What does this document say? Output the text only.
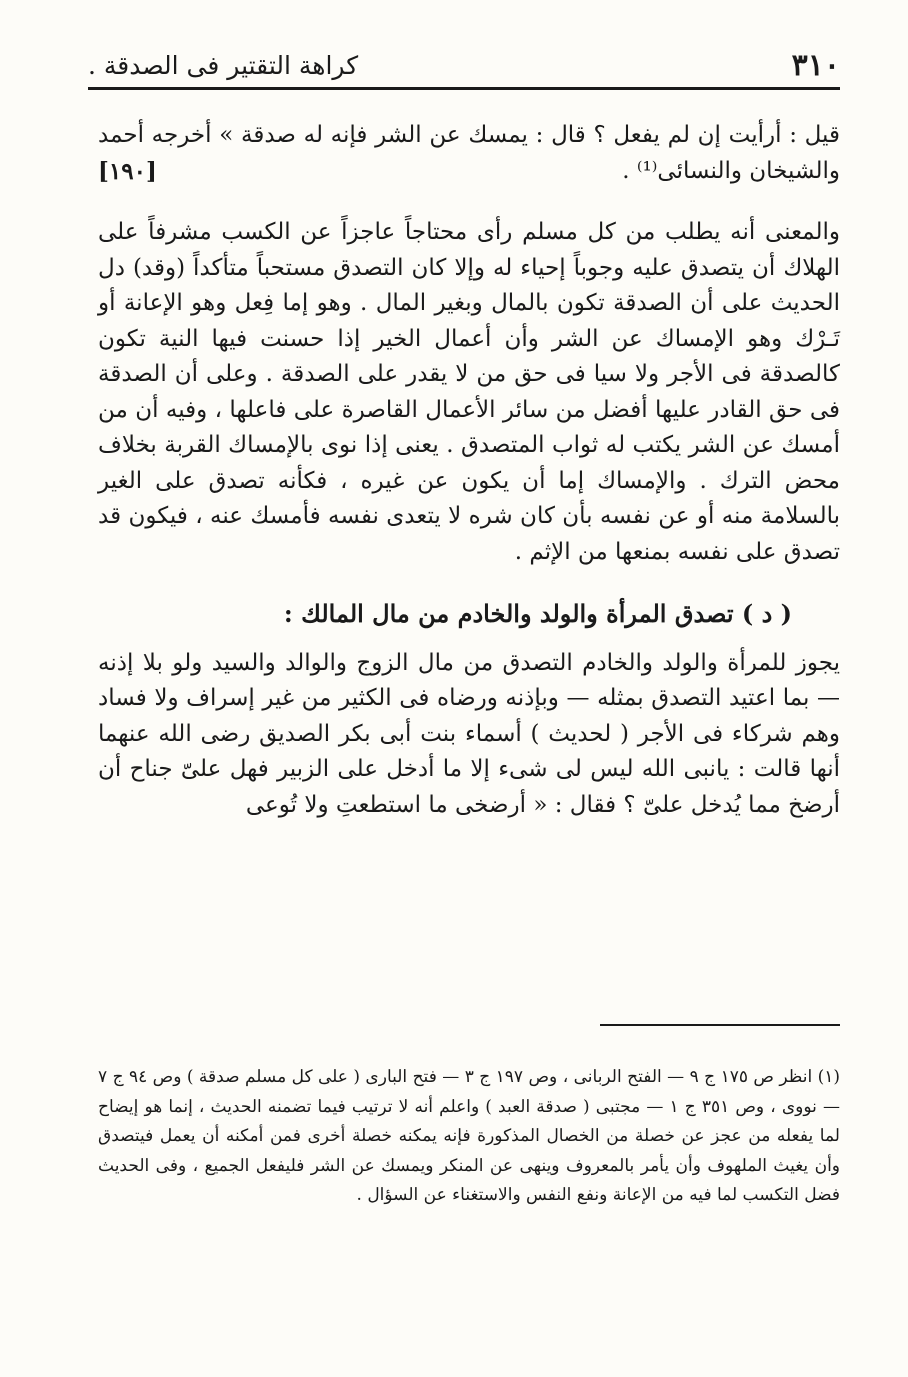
٣١٠
كراهة التقتير فى الصدقة .

قيل : أرأيت إن لم يفعل ؟ قال : يمسك عن الشر فإنه له صدقة » أخرجه أحمد والشيخان والنسائى⁽¹⁾ .
[١٩٠]

والمعنى أنه يطلب من كل مسلم رأى محتاجاً عاجزاً عن الكسب مشرفاً على الهلاك أن يتصدق عليه وجوباً إحياء له وإلا كان التصدق مستحباً متأكداً (وقد) دل الحديث على أن الصدقة تكون بالمال وبغير المال . وهو إما فِعل وهو الإعانة أو تَـرْك وهو الإمساك عن الشر وأن أعمال الخير إذا حسنت فيها النية تكون كالصدقة فى الأجر ولا سيا فى حق من لا يقدر على الصدقة . وعلى أن الصدقة فى حق القادر عليها أفضل من سائر الأعمال القاصرة على فاعلها ، وفيه أن من أمسك عن الشر يكتب له ثواب المتصدق . يعنى إذا نوى بالإمساك القربة بخلاف محض الترك . والإمساك إما أن يكون عن غيره ، فكأنه تصدق على الغير بالسلامة منه أو عن نفسه بأن كان شره لا يتعدى نفسه فأمسك عنه ، فيكون قد تصدق على نفسه بمنعها من الإثم .

( د ) تصدق المرأة والولد والخادم من مال المالك :

يجوز للمرأة والولد والخادم التصدق من مال الزوج والوالد والسيد ولو بلا إذنه — بما اعتيد التصدق بمثله — وبإذنه ورضاه فى الكثير من غير إسراف ولا فساد وهم شركاء فى الأجر ( لحديث ) أسماء بنت أبى بكر الصديق رضى الله عنهما أنها قالت : يانبى الله ليس لى شىء إلا ما أدخل على الزبير فهل علىّ جناح أن أرضخ مما يُدخل علىّ ؟ فقال : « أرضخى ما استطعتِ ولا تُوعى

(١) انظر ص ١٧٥ ج ٩ — الفتح الربانى ، وص ١٩٧ ج ٣ — فتح البارى ( على كل مسلم صدقة ) وص ٩٤ ج ٧ — نووى ، وص ٣٥١ ج ١ — مجتبى ( صدقة العبد ) واعلم أنه لا ترتيب فيما تضمنه الحديث ، إنما هو إيضاح لما يفعله من عجز عن خصلة من الخصال المذكورة فإنه يمكنه خصلة أخرى فمن أمكنه أن يعمل فيتصدق وأن يغيث الملهوف وأن يأمر بالمعروف وينهى عن المنكر ويمسك عن الشر فليفعل الجميع ، وفى الحديث فضل التكسب لما فيه من الإعانة ونفع النفس والاستغناء عن السؤال .
